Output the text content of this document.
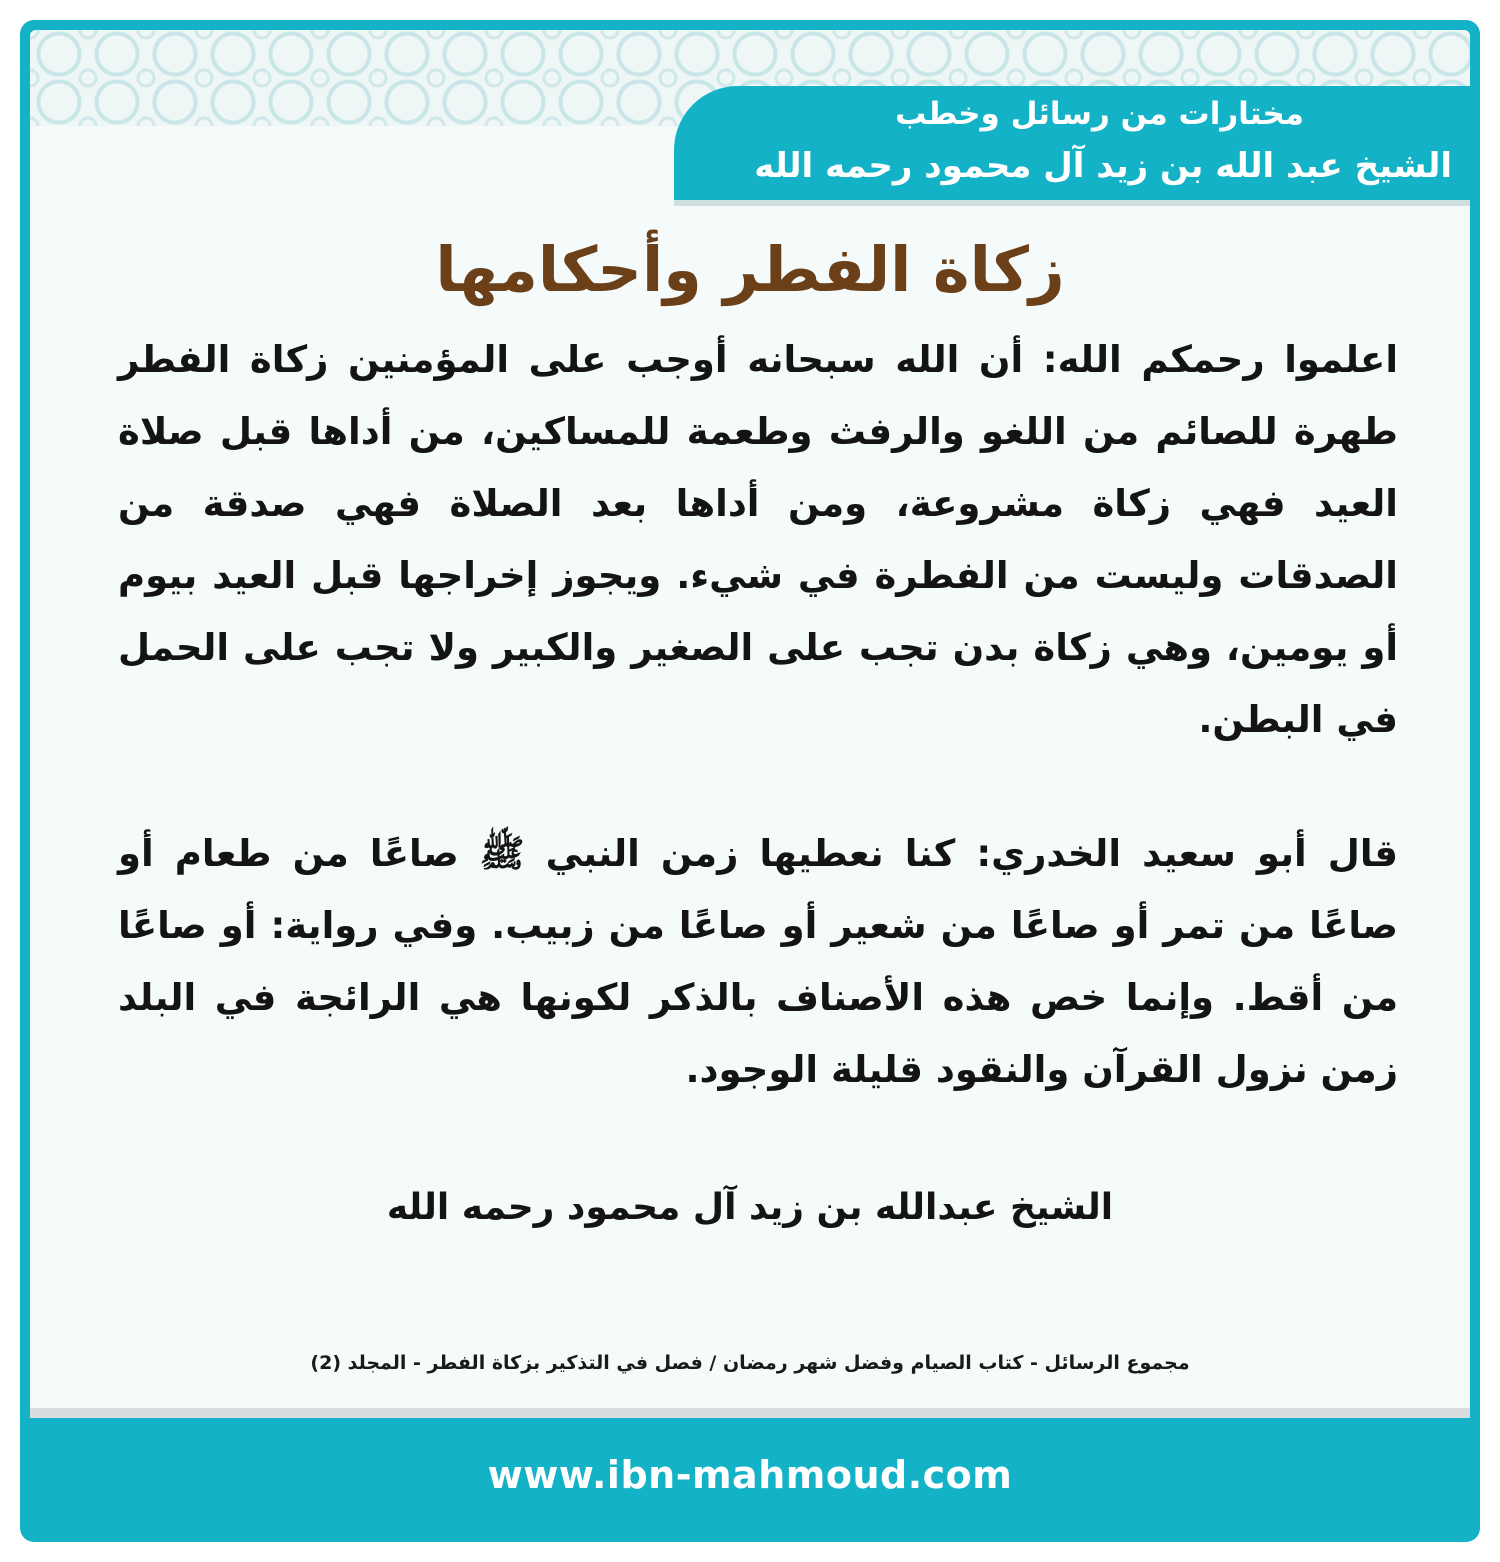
مختارات من رسائل وخطب

الشيخ عبد الله بن زيد آل محمود رحمه الله

زكاة الفطر وأحكامها

اعلموا رحمكم الله: أن الله سبحانه أوجب على المؤمنين زكاة الفطر طهرة للصائم من اللغو والرفث وطعمة للمساكين، من أداها قبل صلاة العيد فهي زكاة مشروعة، ومن أداها بعد الصلاة فهي صدقة من الصدقات وليست من الفطرة في شيء. ويجوز إخراجها قبل العيد بيوم أو يومين، وهي زكاة بدن تجب على الصغير والكبير ولا تجب على الحمل في البطن.

قال أبو سعيد الخدري: كنا نعطيها زمن النبي ﷺ صاعًا من طعام أو صاعًا من تمر أو صاعًا من شعير أو صاعًا من زبيب. وفي رواية: أو صاعًا من أقط. وإنما خص هذه الأصناف بالذكر لكونها هي الرائجة في البلد زمن نزول القرآن والنقود قليلة الوجود.

الشيخ عبدالله بن زيد آل محمود رحمه الله

مجموع الرسائل - كتاب الصيام وفضل شهر رمضان / فصل في التذكير بزكاة الفطر - المجلد (2)

www.ibn-mahmoud.com
